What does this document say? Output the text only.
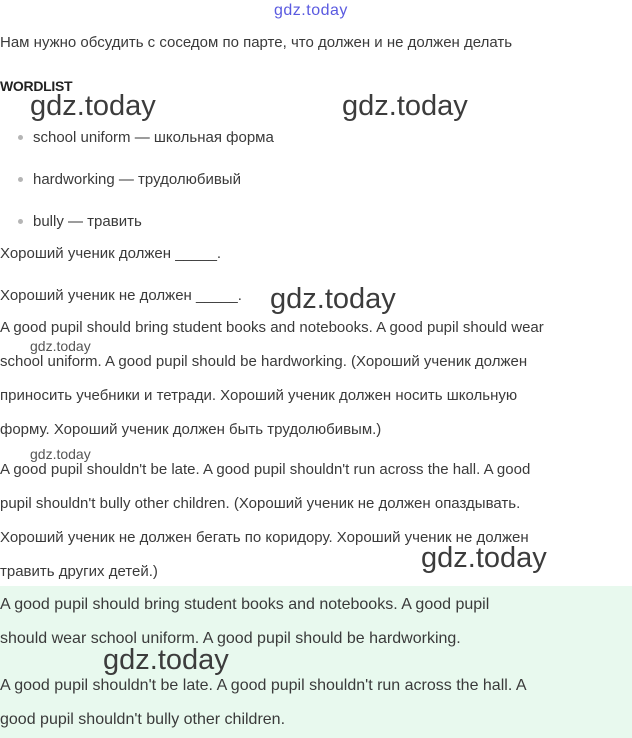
gdz.today
Нам нужно обсудить с соседом по парте, что должен и не должен делать
WORDLIST
gdz.today	gdz.today
school uniform — школьная форма
hardworking — трудолюбивый
bully — травить
Хороший ученик должен _____.
Хороший ученик не должен _____. gdz.today
A good pupil should bring student books and notebooks. A good pupil should wear
gdz.today
school uniform. A good pupil should be hardworking. (Хороший ученик должен
приносить учебники и тетради. Хороший ученик должен носить школьную
форму. Хороший ученик должен быть трудолюбивым.)
gdz.today
A good pupil shouldn't be late. A good pupil shouldn't run across the hall. A good
pupil shouldn't bully other children. (Хороший ученик не должен опаздывать.
Хороший ученик не должен бегать по коридору. Хороший ученик не должен
травить других детей.)	gdz.today
A good pupil should bring student books and notebooks. A good pupil
should wear school uniform. A good pupil should be hardworking.
gdz.today
A good pupil shouldn't be late. A good pupil shouldn't run across the hall. A
good pupil shouldn't bully other children.
